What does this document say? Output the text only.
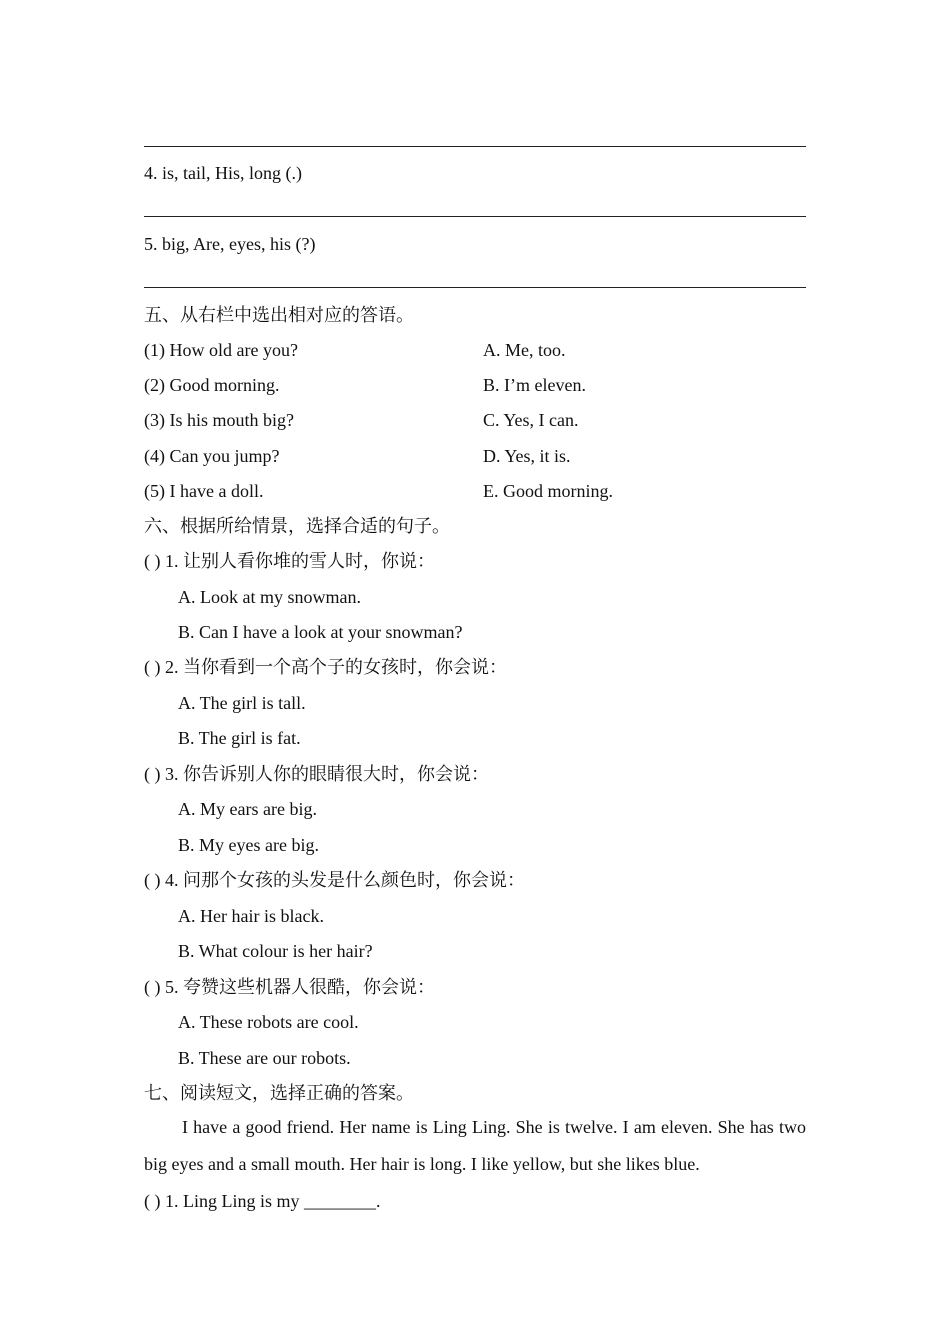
4. is, tail, His, long (.)
5. big, Are, eyes, his (?)
五、从右栏中选出相对应的答语。
(1) How old are you?	A. Me, too.
(2) Good morning.	B. I’m eleven.
(3) Is his mouth big?	C. Yes, I can.
(4) Can you jump?	D. Yes, it is.
(5) I have a doll.	E. Good morning.
六、根据所给情景，选择合适的句子。
( ) 1. 让别人看你堆的雪人时，你说：
A. Look at my snowman.
B. Can I have a look at your snowman?
( ) 2. 当你看到一个高个子的女孩时，你会说：
A. The girl is tall.
B. The girl is fat.
( ) 3. 你告诉别人你的眼睛很大时，你会说：
A. My ears are big.
B. My eyes are big.
( ) 4. 问那个女孩的头发是什么颜色时，你会说：
A. Her hair is black.
B. What colour is her hair?
( ) 5. 夸赞这些机器人很酷，你会说：
A. These robots are cool.
B. These are our robots.
七、阅读短文，选择正确的答案。

I have a good friend. Her name is Ling Ling. She is twelve. I am eleven. She has two big eyes and a small mouth. Her hair is long. I like yellow, but she likes blue.

( ) 1. Ling Ling is my ________.
